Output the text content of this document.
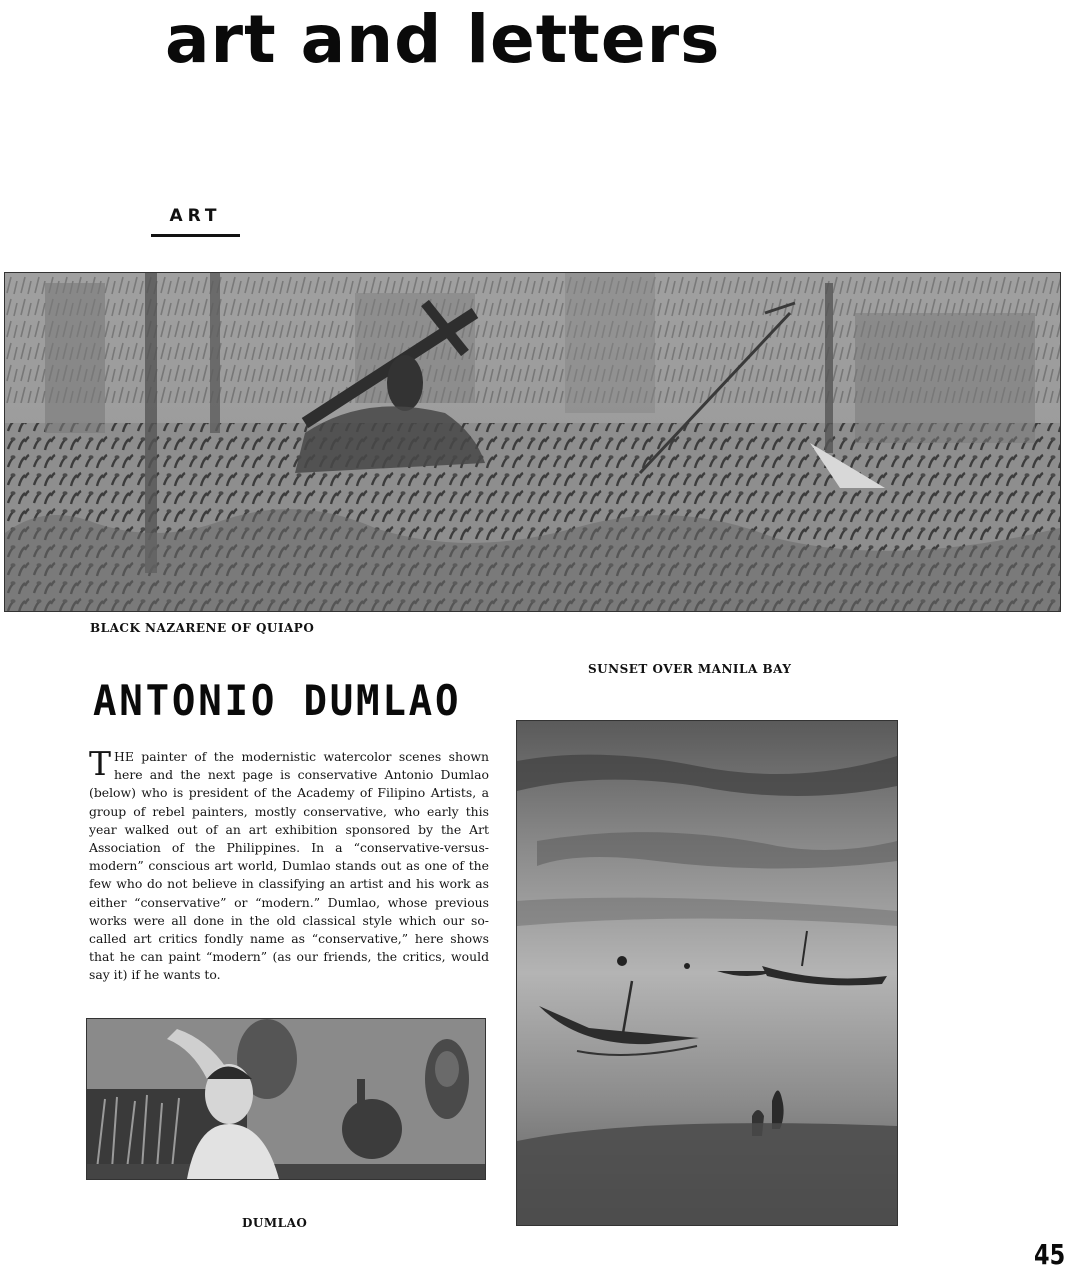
art and letters
ART
BLACK NAZARENE OF QUIAPO
SUNSET OVER MANILA BAY
ANTONIO DUMLAO

THE painter of the modernistic watercolor scenes shown here and the next page is conservative Antonio Dumlao (below) who is president of the Academy of Filipino Artists, a group of rebel painters, mostly conservative, who early this year walked out of an art exhibition sponsored by the Art Association of the Philippines. In a “conservative-versus-modern” conscious art world, Dumlao stands out as one of the few who do not believe in classifying an artist and his work as either “conservative” or “modern.” Dumlao, whose previous works were all done in the old classical style which our so-called art critics fondly name as “conservative,” here shows that he can paint “modern” (as our friends, the critics, would say it) if he wants to.

DUMLAO
45
